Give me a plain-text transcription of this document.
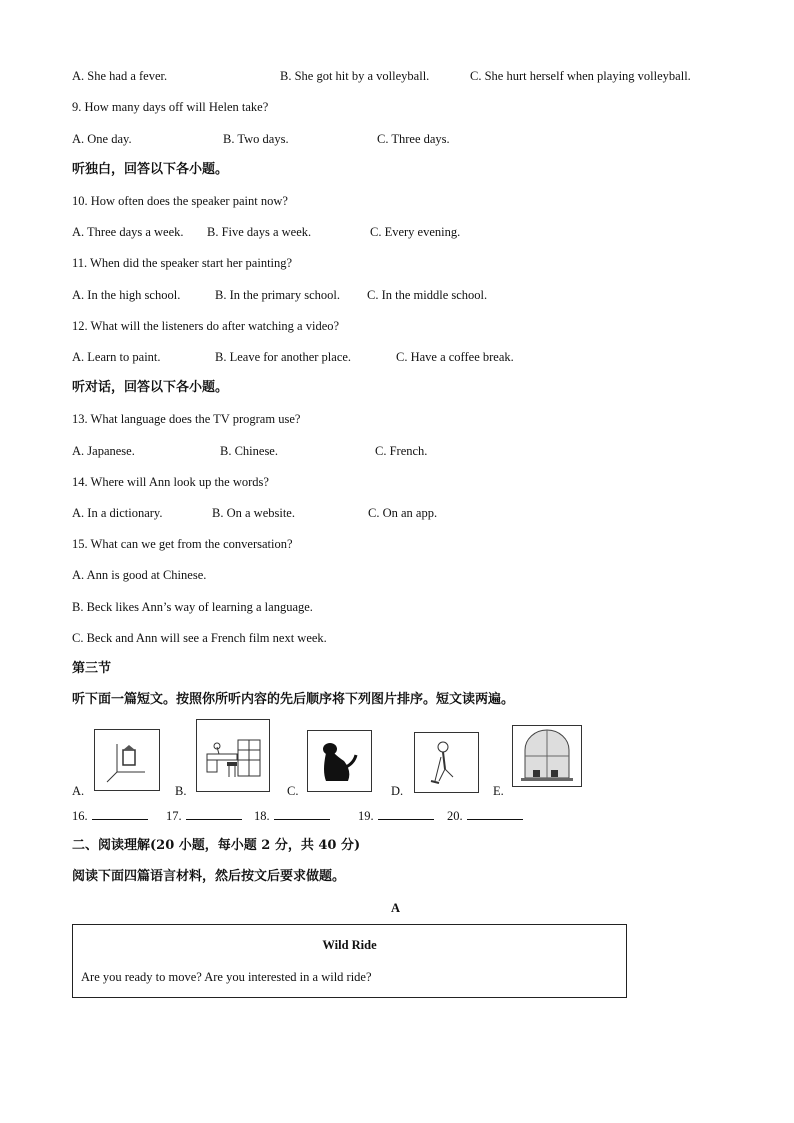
A. She had a fever.	B. She got hit by a volleyball.	C. She hurt herself when playing volleyball.
9. How many days off will Helen take?
A. One day.	B. Two days.	C. Three days.
听独白，回答以下各小题。
10. How often does the speaker paint now?
A. Three days a week. B. Five days a week.	C. Every evening.
11. When did the speaker start her painting?
A. In the high school.	B. In the primary school. C. In the middle school.
12. What will the listeners do after watching a video?
A. Learn to paint.	B. Leave for another place.	C. Have a coffee break.
听对话，回答以下各小题。
13. What language does the TV program use?
A. Japanese.	B. Chinese.	C. French.
14. Where will Ann look up the words?
A. In a dictionary.	B. On a website.	C. On an app.
15. What can we get from the conversation?
A. Ann is good at Chinese.
B. Beck likes Ann’s way of learning a language.
C. Beck and Ann will see a French film next week.
第三节
听下面一篇短文。按照你所听内容的先后顺序将下列图片排序。短文读两遍。
A.	B.	C.	D.	E.
16.	17.	18.	19.	20.
二、阅读理解(20 小题，每小题 2 分，共 40 分)
阅读下面四篇语言材料，然后按文后要求做题。
A
Wild Ride
Are you ready to move? Are you interested in a wild ride?
